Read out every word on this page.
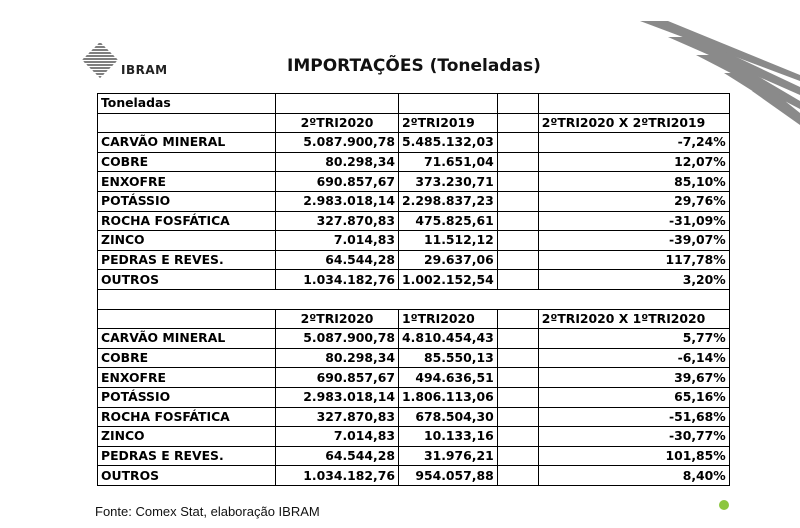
IBRAM	IMPORTAÇÕES (Toneladas)
Toneladas				
	2ºTRI2020	2ºTRI2019		2ºTRI2020 X 2ºTRI2019
CARVÃO MINERAL	5.087.900,78	5.485.132,03		-7,24%
COBRE	80.298,34	71.651,04		12,07%
ENXOFRE	690.857,67	373.230,71		85,10%
POTÁSSIO	2.983.018,14	2.298.837,23		29,76%
ROCHA FOSFÁTICA	327.870,83	475.825,61		-31,09%
ZINCO	7.014,83	11.512,12		-39,07%
PEDRAS E REVES.	64.544,28	29.637,06		117,78%
OUTROS	1.034.182,76	1.002.152,54		3,20%

	2ºTRI2020	1ºTRI2020		2ºTRI2020 X 1ºTRI2020
CARVÃO MINERAL	5.087.900,78	4.810.454,43		5,77%
COBRE	80.298,34	85.550,13		-6,14%
ENXOFRE	690.857,67	494.636,51		39,67%
POTÁSSIO	2.983.018,14	1.806.113,06		65,16%
ROCHA FOSFÁTICA	327.870,83	678.504,30		-51,68%
ZINCO	7.014,83	10.133,16		-30,77%
PEDRAS E REVES.	64.544,28	31.976,21		101,85%
OUTROS	1.034.182,76	954.057,88		8,40%
Fonte: Comex Stat, elaboração IBRAM
